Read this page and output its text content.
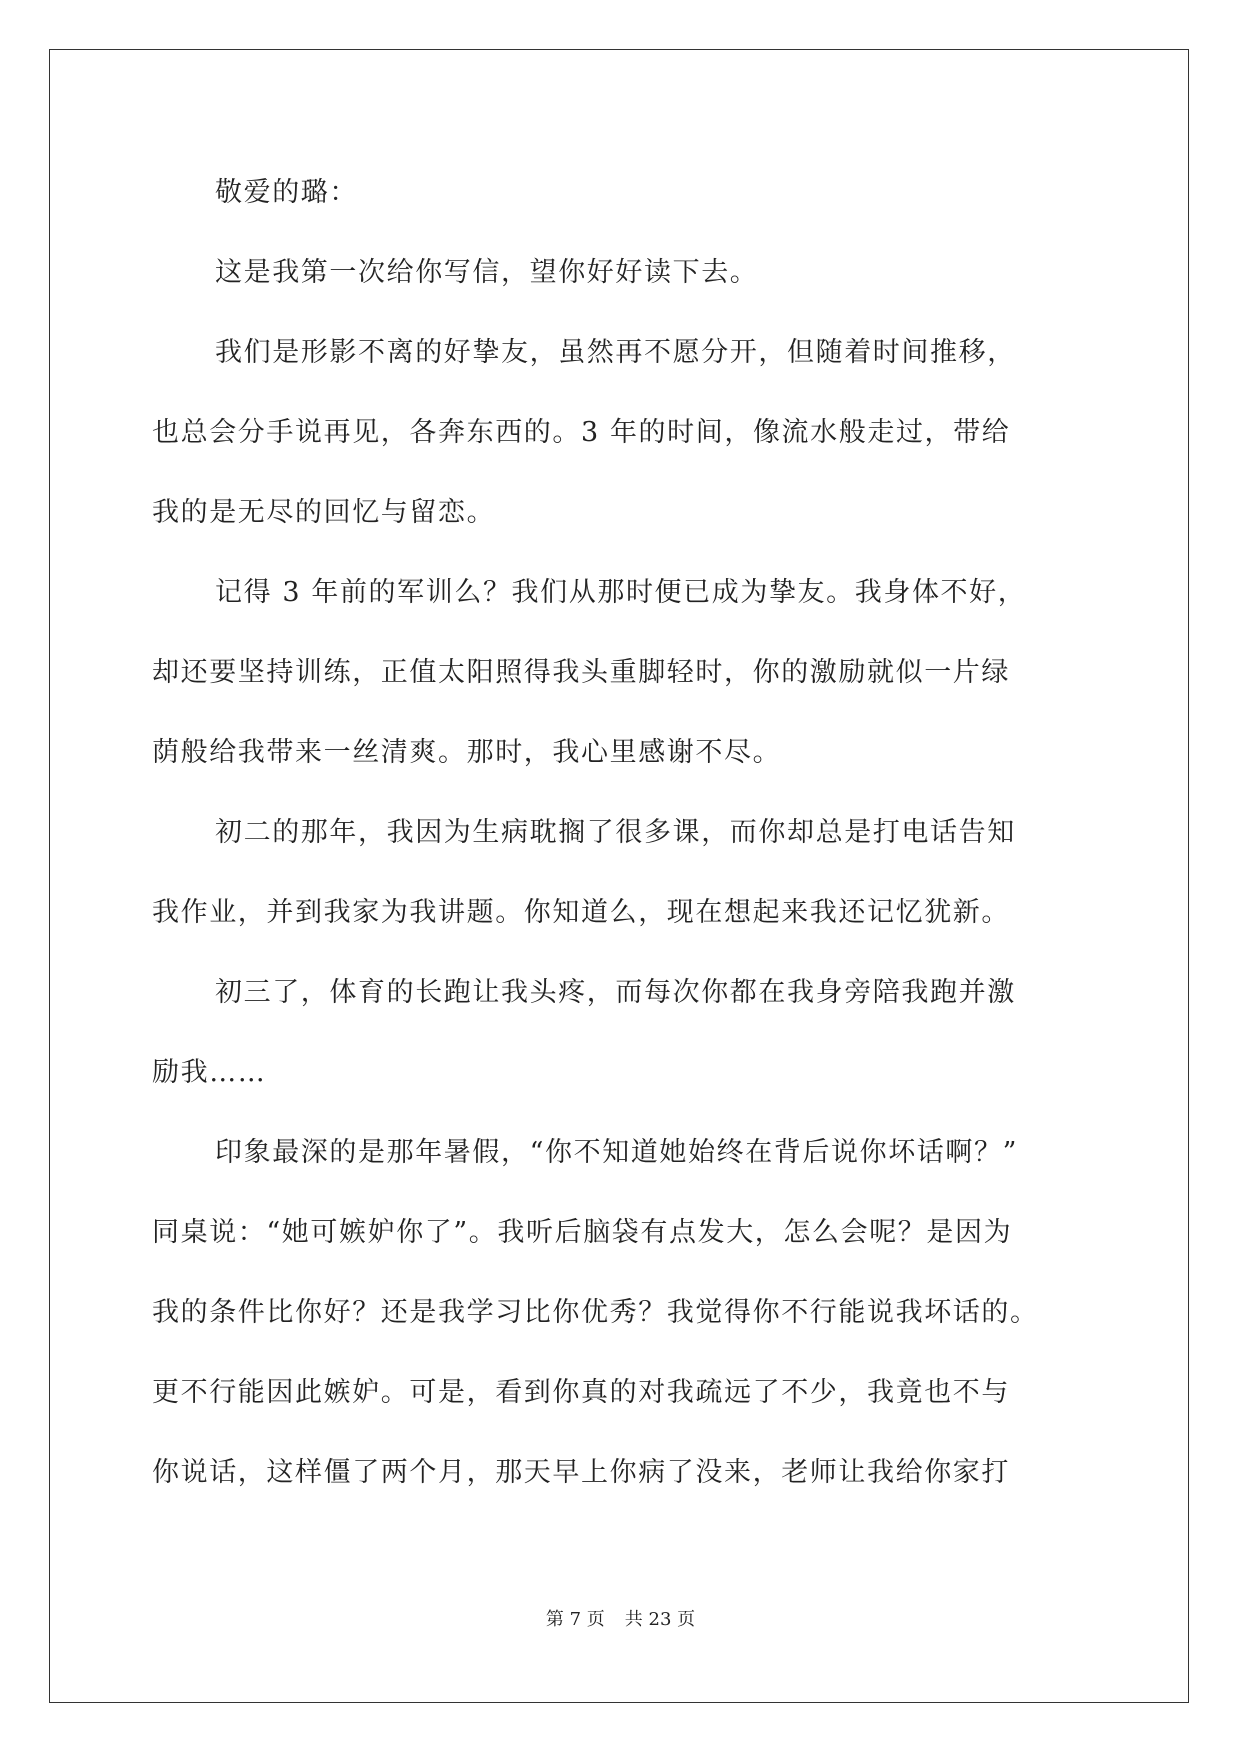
敬爱的璐：
这是我第一次给你写信，望你好好读下去。
我们是形影不离的好挚友，虽然再不愿分开，但随着时间推移，
也总会分手说再见，各奔东西的。3 年的时间，像流水般走过，带给
我的是无尽的回忆与留恋。
记得 3 年前的军训么？我们从那时便已成为挚友。我身体不好，
却还要坚持训练，正值太阳照得我头重脚轻时，你的激励就似一片绿
荫般给我带来一丝清爽。那时，我心里感谢不尽。
初二的那年，我因为生病耽搁了很多课，而你却总是打电话告知
我作业，并到我家为我讲题。你知道么，现在想起来我还记忆犹新。
初三了，体育的长跑让我头疼，而每次你都在我身旁陪我跑并激
励我……
印象最深的是那年暑假，“你不知道她始终在背后说你坏话啊？”
同桌说：“她可嫉妒你了”。我听后脑袋有点发大，怎么会呢？是因为
我的条件比你好？还是我学习比你优秀？我觉得你不行能说我坏话的。
更不行能因此嫉妒。可是，看到你真的对我疏远了不少，我竟也不与
你说话，这样僵了两个月，那天早上你病了没来，老师让我给你家打
第 7 页 共 23 页
